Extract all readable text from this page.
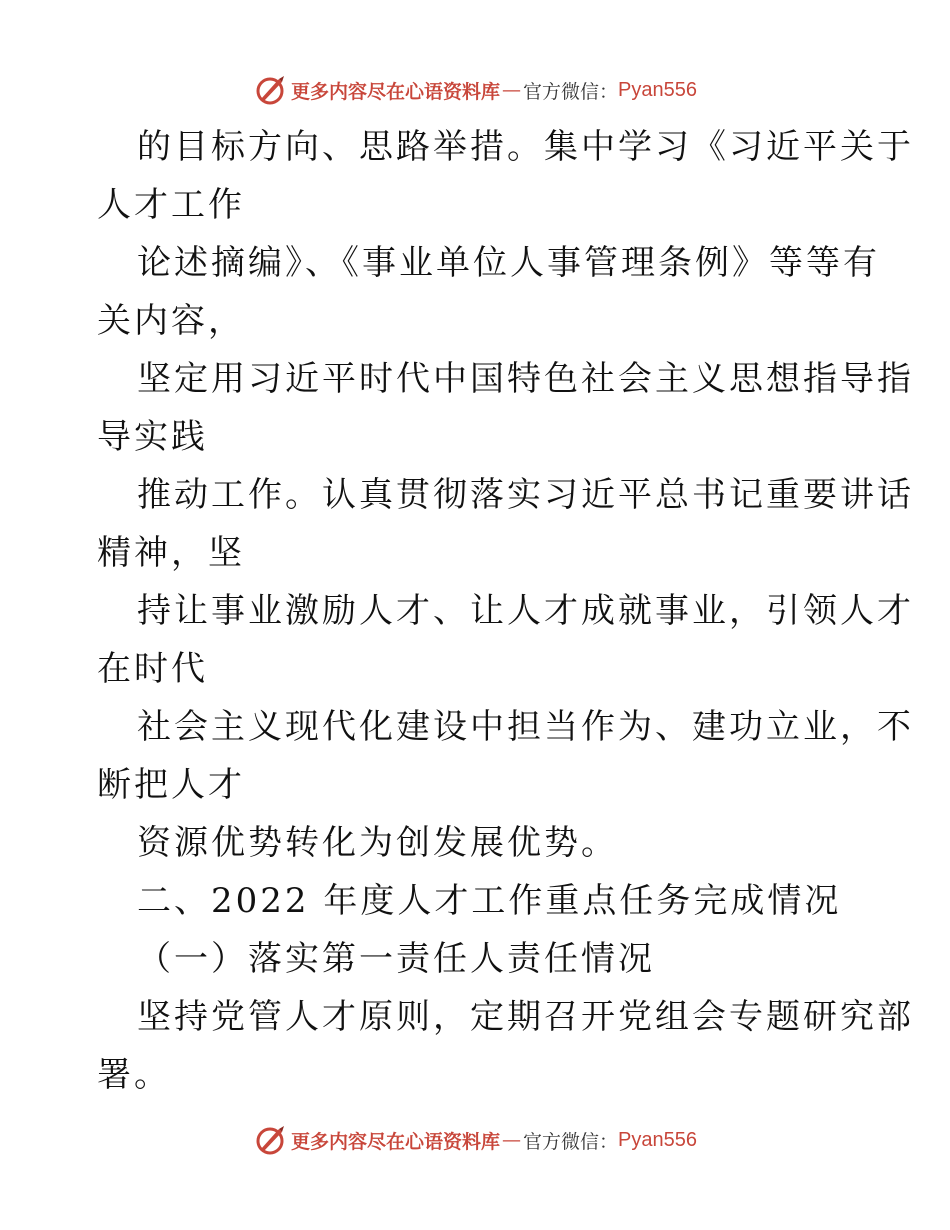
更多内容尽在心语资料库 — 官方微信： Pyan556
的目标方向、思路举措。集中学习《习近平关于
人才工作
论述摘编》、《事业单位人事管理条例》等等有
关内容，
坚定用习近平时代中国特色社会主义思想指导指
导实践
推动工作。认真贯彻落实习近平总书记重要讲话
精神，坚
持让事业激励人才、让人才成就事业，引领人才
在时代
社会主义现代化建设中担当作为、建功立业，不
断把人才
资源优势转化为创发展优势。
二、2022 年度人才工作重点任务完成情况
（一）落实第一责任人责任情况
坚持党管人才原则，定期召开党组会专题研究部
署。
更多内容尽在心语资料库 — 官方微信： Pyan556
